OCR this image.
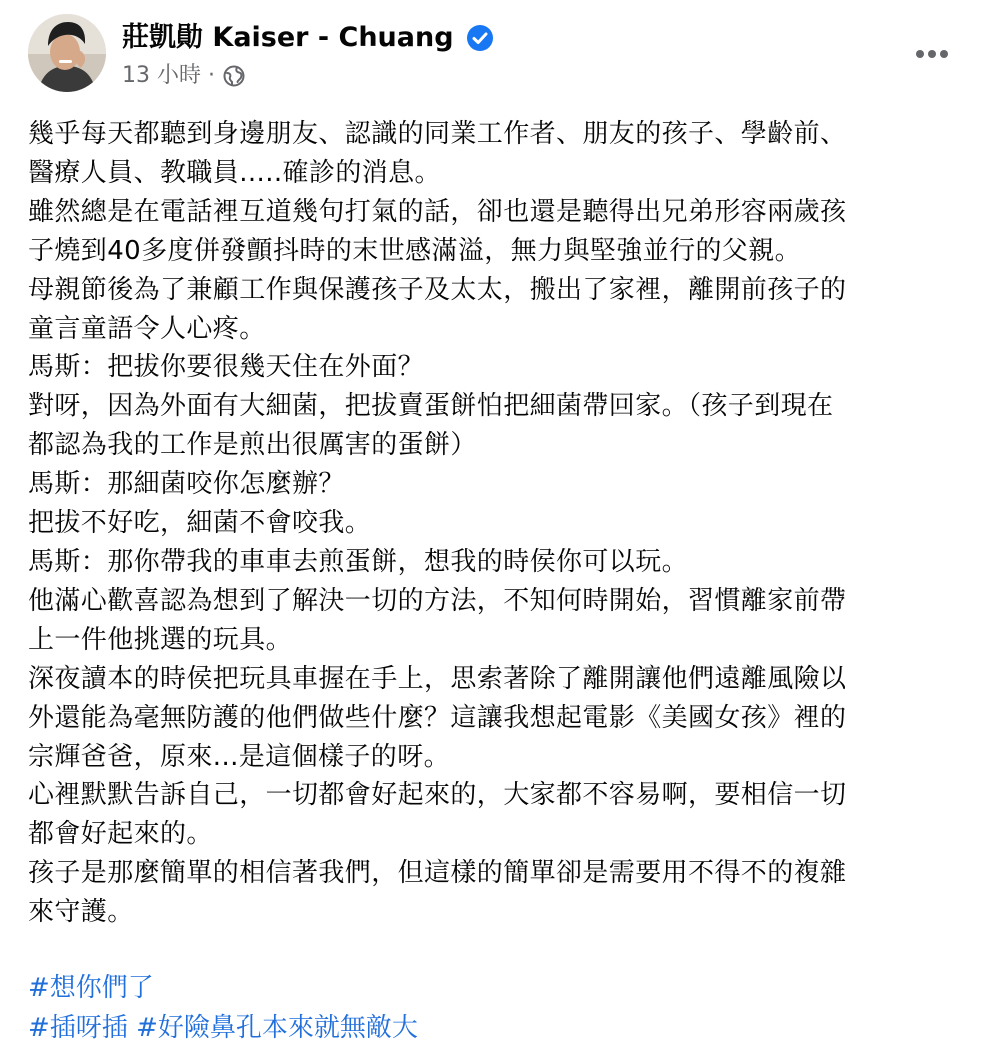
莊凱勛 Kaiser - Chuang
13 小時 ·
幾乎每天都聽到身邊朋友、認識的同業工作者、朋友的孩子、學齡前、
醫療人員、教職員.....確診的消息。
雖然總是在電話裡互道幾句打氣的話，卻也還是聽得出兄弟形容兩歲孩
子燒到40多度併發顫抖時的末世感滿溢，無力與堅強並行的父親。
母親節後為了兼顧工作與保護孩子及太太，搬出了家裡，離開前孩子的
童言童語令人心疼。
馬斯：把拔你要很幾天住在外面？
對呀，因為外面有大細菌，把拔賣蛋餅怕把細菌帶回家。（孩子到現在
都認為我的工作是煎出很厲害的蛋餅）
馬斯：那細菌咬你怎麼辦？
把拔不好吃，細菌不會咬我。
馬斯：那你帶我的車車去煎蛋餅，想我的時侯你可以玩。
他滿心歡喜認為想到了解決一切的方法，不知何時開始，習慣離家前帶
上一件他挑選的玩具。
深夜讀本的時侯把玩具車握在手上，思索著除了離開讓他們遠離風險以
外還能為毫無防護的他們做些什麼？這讓我想起電影《美國女孩》裡的
宗輝爸爸，原來...是這個樣子的呀。
心裡默默告訴自己，一切都會好起來的，大家都不容易啊，要相信一切
都會好起來的。
孩子是那麼簡單的相信著我們，但這樣的簡單卻是需要用不得不的複雜
來守護。
#想你們了
#插呀插 #好險鼻孔本來就無敵大
